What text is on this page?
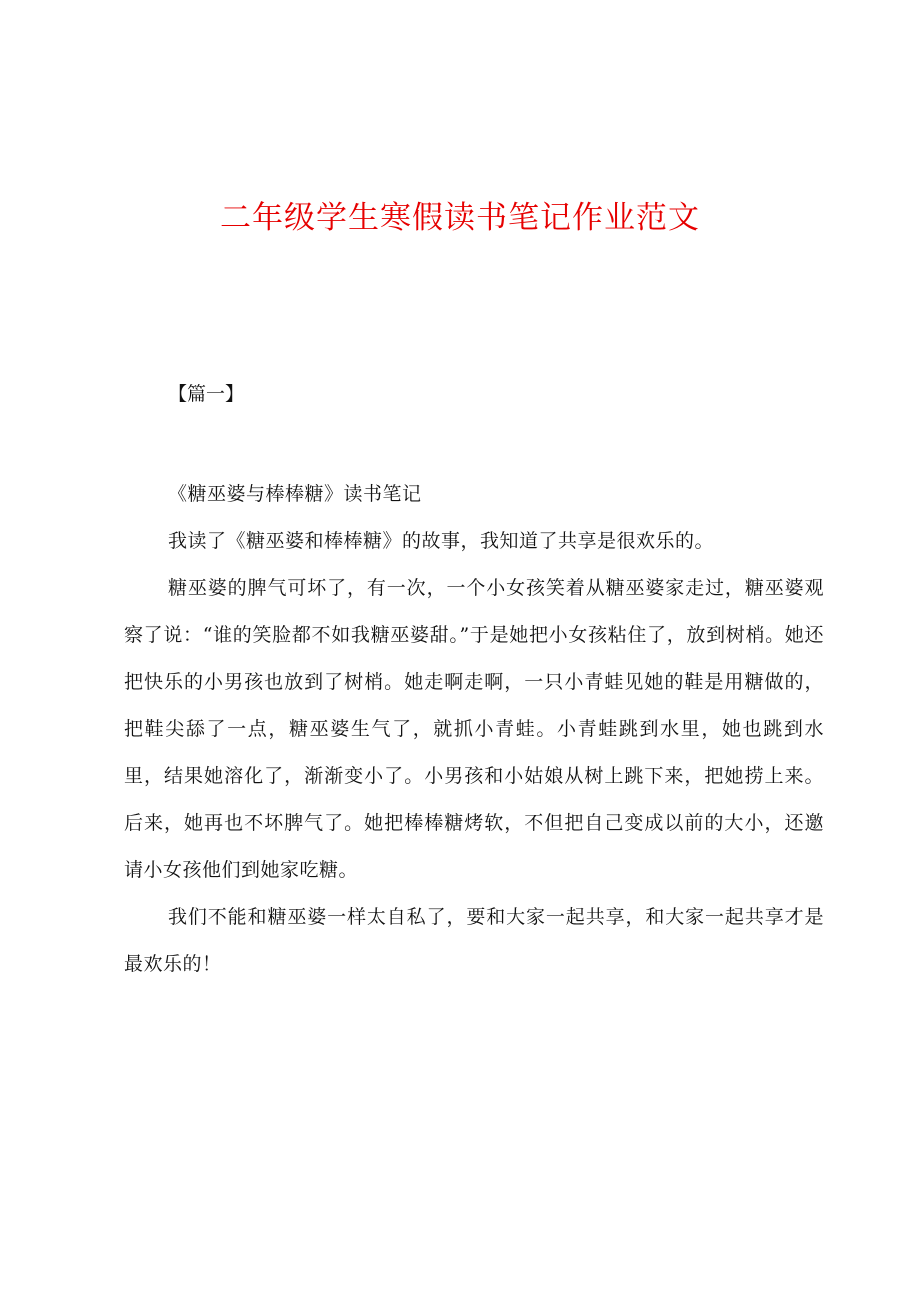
二年级学生寒假读书笔记作业范文
【篇一】

《糖巫婆与棒棒糖》读书笔记

我读了《糖巫婆和棒棒糖》的故事，我知道了共享是很欢乐的。

糖巫婆的脾气可坏了，有一次，一个小女孩笑着从糖巫婆家走过，糖巫婆观察了说：“谁的笑脸都不如我糖巫婆甜。”于是她把小女孩粘住了，放到树梢。她还把快乐的小男孩也放到了树梢。她走啊走啊，一只小青蛙见她的鞋是用糖做的，把鞋尖舔了一点，糖巫婆生气了，就抓小青蛙。小青蛙跳到水里，她也跳到水里，结果她溶化了，渐渐变小了。小男孩和小姑娘从树上跳下来，把她捞上来。后来，她再也不坏脾气了。她把棒棒糖烤软，不但把自己变成以前的大小，还邀请小女孩他们到她家吃糖。

我们不能和糖巫婆一样太自私了，要和大家一起共享，和大家一起共享才是最欢乐的！
